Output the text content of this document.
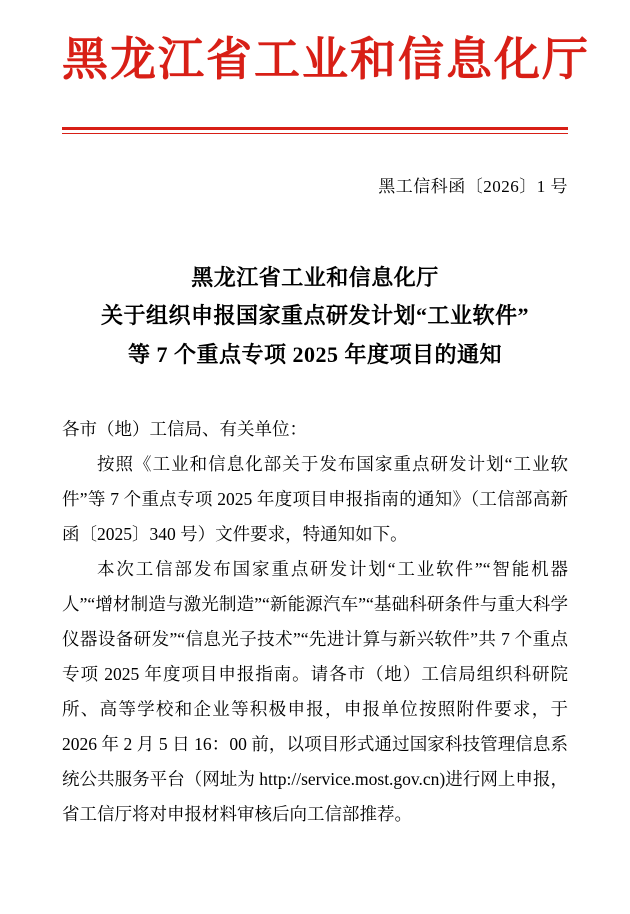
黑龙江省工业和信息化厅
黑工信科函〔2026〕1 号
黑龙江省工业和信息化厅
关于组织申报国家重点研发计划“工业软件”
等 7 个重点专项 2025 年度项目的通知

各市（地）工信局、有关单位：

按照《工业和信息化部关于发布国家重点研发计划“工业软件”等 7 个重点专项 2025 年度项目申报指南的通知》（工信部高新函〔2025〕340 号）文件要求，特通知如下。

本次工信部发布国家重点研发计划“工业软件”“智能机器人”“增材制造与激光制造”“新能源汽车”“基础科研条件与重大科学仪器设备研发”“信息光子技术”“先进计算与新兴软件”共 7 个重点专项 2025 年度项目申报指南。请各市（地）工信局组织科研院所、高等学校和企业等积极申报，申报单位按照附件要求，于 2026 年 2 月 5 日 16：00 前，以项目形式通过国家科技管理信息系统公共服务平台（网址为 http://service.most.gov.cn)进行网上申报，省工信厅将对申报材料审核后向工信部推荐。
